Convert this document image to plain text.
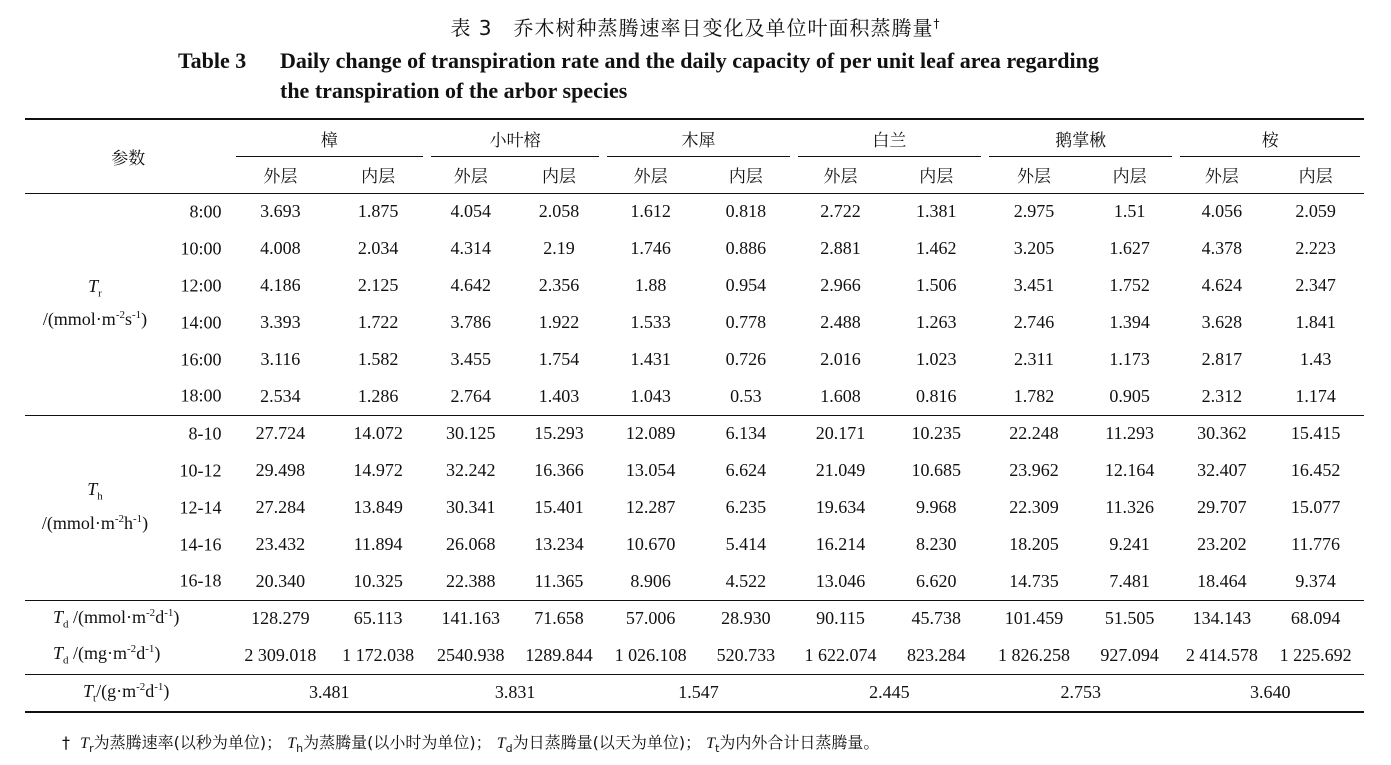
表 3　乔木树种蒸腾速率日变化及单位叶面积蒸腾量†
Table 3 Daily change of transpiration rate and the daily capacity of per unit leaf area regarding
the transpiration of the arbor species
参数	樟		小叶榕		木犀		白兰		鹅掌楸		桉	
	外层	内层	外层	内层	外层	内层	外层	内层	外层	内层	外层	内层

$T_r$
$/(mmol\cdot m^{-2}s^{-1})$
8:00	3.693	1.875	4.054	2.058	1.612	0.818	2.722	1.381	2.975	1.51	4.056	2.059

10:00	4.008	2.034	4.314	2.19	1.746	0.886	2.881	1.462	3.205	1.627	4.378	2.223

12:00	4.186	2.125	4.642	2.356	1.88	0.954	2.966	1.506	3.451	1.752	4.624	2.347

14:00	3.393	1.722	3.786	1.922	1.533	0.778	2.488	1.263	2.746	1.394	3.628	1.841

16:00	3.116	1.582	3.455	1.754	1.431	0.726	2.016	1.023	2.311	1.173	2.817	1.43

18:00	2.534	1.286	2.764	1.403	1.043	0.53	1.608	0.816	1.782	0.905	2.312	1.174

$T_h$
$/(mmol\cdot m^{-2}h^{-1})$
8-10	27.724	14.072	30.125	15.293	12.089	6.134	20.171	10.235	22.248	11.293	30.362	15.415

10-12	29.498	14.972	32.242	16.366	13.054	6.624	21.049	10.685	23.962	12.164	32.407	16.452

12-14	27.284	13.849	30.341	15.401	12.287	6.235	19.634	9.968	22.309	11.326	29.707	15.077

14-16	23.432	11.894	26.068	13.234	10.670	5.414	16.214	8.230	18.205	9.241	23.202	11.776

16-18	20.340	10.325	22.388	11.365	8.906	4.522	13.046	6.620	14.735	7.481	18.464	9.374
$T_d$ $/(mmol\cdot m^{-2}d^{-1})$	128.279	65.113	141.163	71.658	57.006	28.930	90.115	45.738	101.459	51.505	134.143	68.094
$T_d$ $/(mg\cdot m^{-2}d^{-1})$	2 309.018	1 172.038	2540.938	1289.844	1 026.108	520.733	1 622.074	823.284	1 826.258	927.094	2 414.578	1 225.692
$T_t/(g\cdot m^{-2}d^{-1})$	3.481		3.831		1.547		2.445		2.753		3.640	
† $T_r$为蒸腾速率(以秒为单位)； $T_h$为蒸腾量(以小时为单位)； $T_d$为日蒸腾量(以天为单位)； $T_t$为内外合计日蒸腾量。
